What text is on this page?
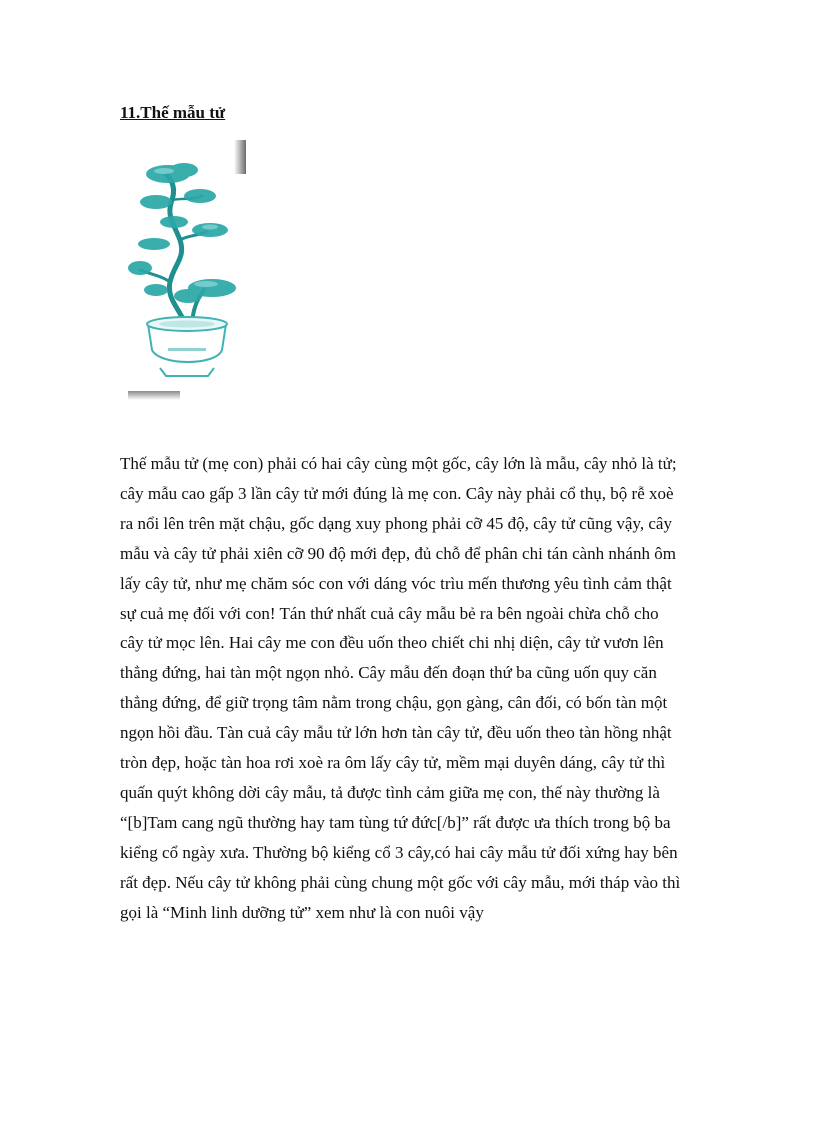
11.Thế mẫu tử

Thế mẫu tử (mẹ con) phải có hai cây cùng một gốc, cây lớn là mẫu, cây nhỏ là tử;
cây mẫu cao gấp 3 lần cây tử mới đúng là mẹ con. Cây này phải cổ thụ, bộ rễ xoè
ra nổi lên trên mặt chậu, gốc dạng xuy phong phải cỡ 45 độ, cây tử cũng vậy, cây
mẫu và cây tử phải xiên cỡ 90 độ mới đẹp, đủ chỗ để phân chi tán cành nhánh ôm
lấy cây tử, như mẹ chăm sóc con với dáng vóc trìu mến thương yêu tình cảm thật
sự cuả mẹ đối với con! Tán thứ nhất cuả cây mẫu bẻ ra bên ngoài chừa chỗ cho
cây tử mọc lên. Hai cây me con đều uốn theo chiết chi nhị diện, cây tử vươn lên
thẳng đứng, hai tàn một ngọn nhỏ. Cây mẫu đến đoạn thứ ba cũng uốn quy căn
thẳng đứng, để giữ trọng tâm nằm trong chậu, gọn gàng, cân đối, có bốn tàn một
ngọn hồi đầu. Tàn cuả cây mẫu tử lớn hơn tàn cây tử, đều uốn theo tàn hồng nhật
tròn đẹp, hoặc tàn hoa rơi xoè ra ôm lấy cây tử, mềm mại duyên dáng, cây tử thì
quấn quýt không dời cây mẫu, tả được tình cảm giữa mẹ con, thế này thường là
“[b]Tam cang ngũ thường hay tam tùng tứ đức[/b]” rất được ưa thích trong bộ ba
kiểng cổ ngày xưa. Thường bộ kiểng cổ 3 cây,có hai cây mẫu tử đối xứng hay bên
rất đẹp. Nếu cây tử không phải cùng chung một gốc với cây mẫu, mới tháp vào thì
gọi là “Minh linh dưỡng tử” xem như là con nuôi vậy
